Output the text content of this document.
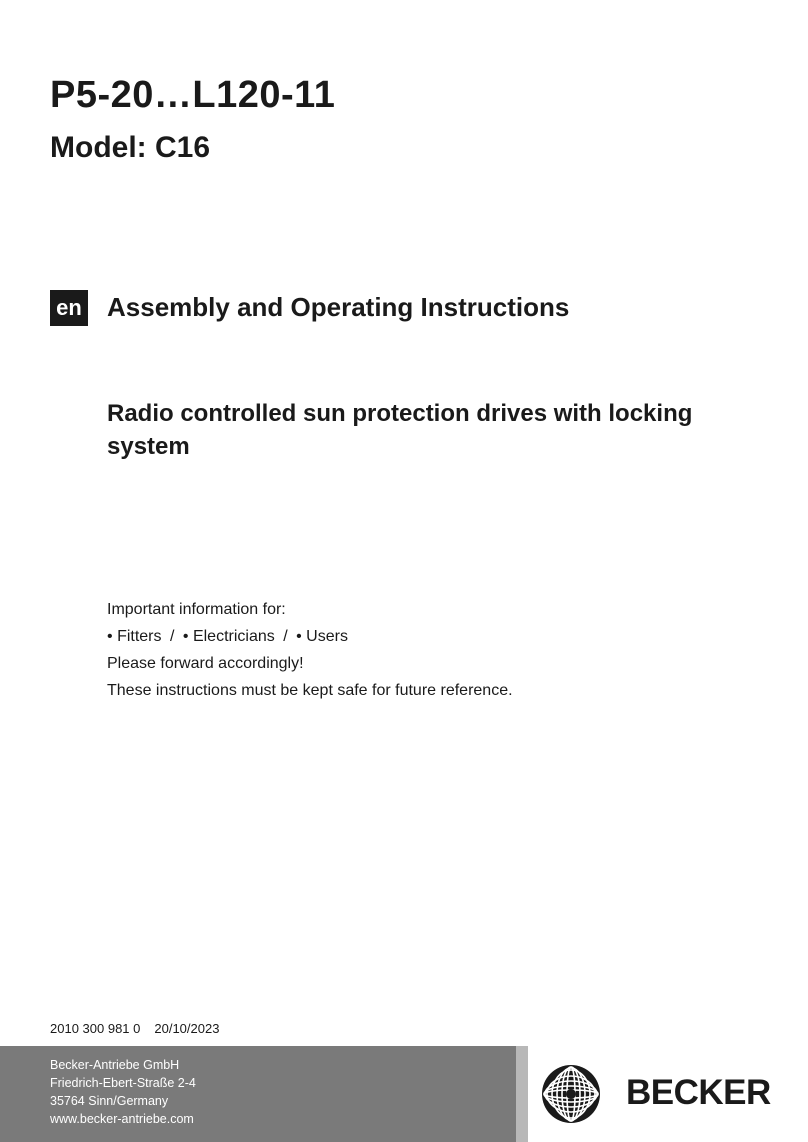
P5-20…L120-11
Model: C16
en Assembly and Operating Instructions
Radio controlled sun protection drives with locking system
Important information for:
• Fitters / • Electricians / • Users
Please forward accordingly!
These instructions must be kept safe for future reference.
2010 300 981 0 20/10/2023
Becker-Antriebe GmbH
Friedrich-Ebert-Straße 2-4
35764 Sinn/Germany
www.becker-antriebe.com
BECKER
